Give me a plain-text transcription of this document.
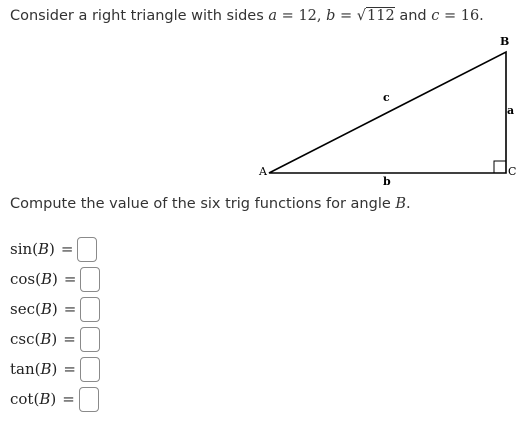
Consider a right triangle with sides a = 12, b = √112 and c = 16.
A
B
C
a
b
c
Compute the value of the six trig functions for angle B.
sin(B) =
cos(B) =
sec(B) =
csc(B) =
tan(B) =
cot(B) =
